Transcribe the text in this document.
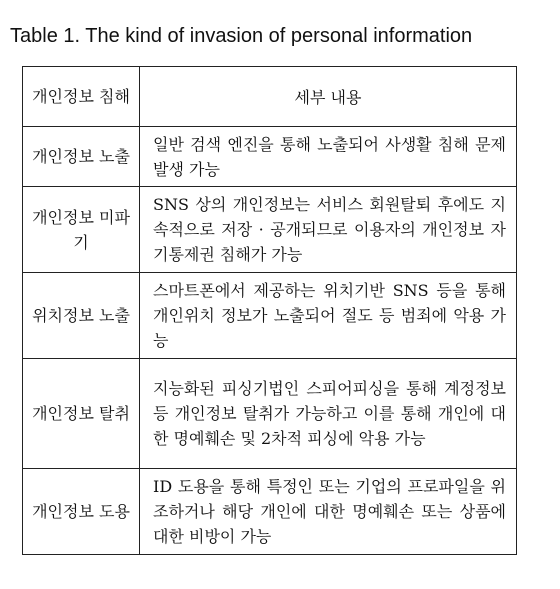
Table 1. The kind of invasion of personal information
개인정보 침해	세부 내용

개인정보 노출	일반 검색 엔진을 통해 노출되어 사생활 침해 문제 발생 가능

개인정보 미파기	SNS 상의 개인정보는 서비스 회원탈퇴 후에도 지속적으로 저장 · 공개되므로 이용자의 개인정보 자기통제권 침해가 가능

위치정보 노출	스마트폰에서 제공하는 위치기반 SNS 등을 통해 개인위치 정보가 노출되어 절도 등 범죄에 악용 가능

개인정보 탈취	지능화된 피싱기법인 스피어피싱을 통해 계정정보 등 개인정보 탈취가 가능하고 이를 통해 개인에 대한 명예훼손 및 2차적 피싱에 악용 가능

개인정보 도용	ID 도용을 통해 특정인 또는 기업의 프로파일을 위조하거나 해당 개인에 대한 명예훼손 또는 상품에 대한 비방이 가능
